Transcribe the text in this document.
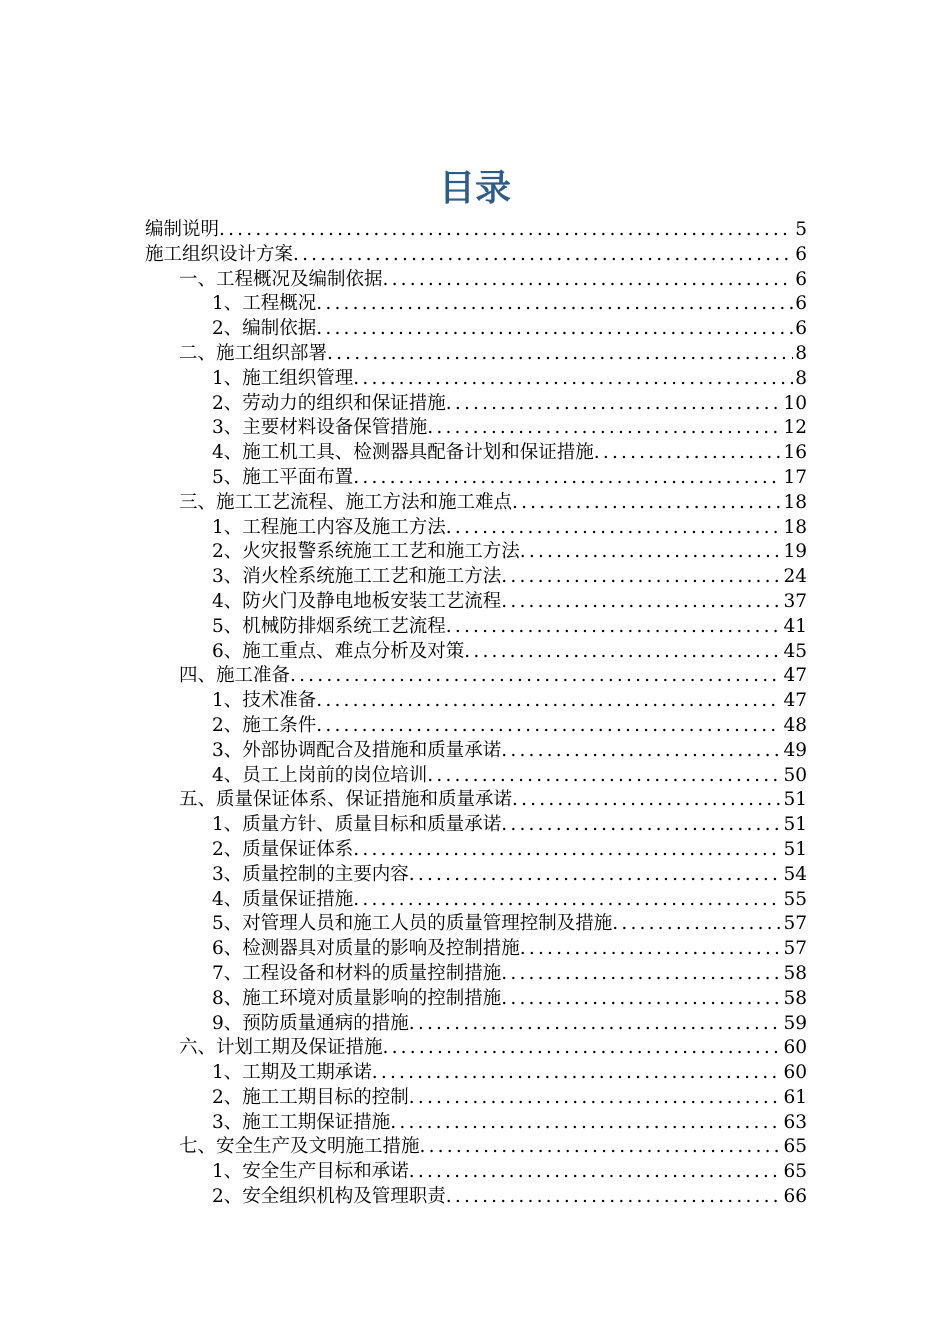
目录
编制说明 .....	5
施工组织设计方案 .....	6
一、工程概况及编制依据 .....	6
1、工程概况 .....	6
2、编制依据 .....	6
二、施工组织部署 .....	8
1、施工组织管理 .....	8
2、劳动力的组织和保证措施 .....	10
3、主要材料设备保管措施 .....	12
4、施工机工具、检测器具配备计划和保证措施 .....	16
5、施工平面布置 .....	17
三、施工工艺流程、施工方法和施工难点 .....	18
1、工程施工内容及施工方法 .....	18
2、火灾报警系统施工工艺和施工方法 .....	19
3、消火栓系统施工工艺和施工方法 .....	24
4、防火门及静电地板安装工艺流程 .....	37
5、机械防排烟系统工艺流程 .....	41
6、施工重点、难点分析及对策 .....	45
四、施工准备 .....	47
1、技术准备 .....	47
2、施工条件 .....	48
3、外部协调配合及措施和质量承诺 .....	49
4、员工上岗前的岗位培训 .....	50
五、质量保证体系、保证措施和质量承诺 .....	51
1、质量方针、质量目标和质量承诺 .....	51
2、质量保证体系 .....	51
3、质量控制的主要内容 .....	54
4、质量保证措施 .....	55
5、对管理人员和施工人员的质量管理控制及措施 .....	57
6、检测器具对质量的影响及控制措施 .....	57
7、工程设备和材料的质量控制措施 .....	58
8、施工环境对质量影响的控制措施 .....	58
9、预防质量通病的措施 .....	59
六、计划工期及保证措施 .....	60
1、工期及工期承诺 .....	60
2、施工工期目标的控制 .....	61
3、施工工期保证措施 .....	63
七、安全生产及文明施工措施 .....	65
1、安全生产目标和承诺 .....	65
2、安全组织机构及管理职责 .....	66
